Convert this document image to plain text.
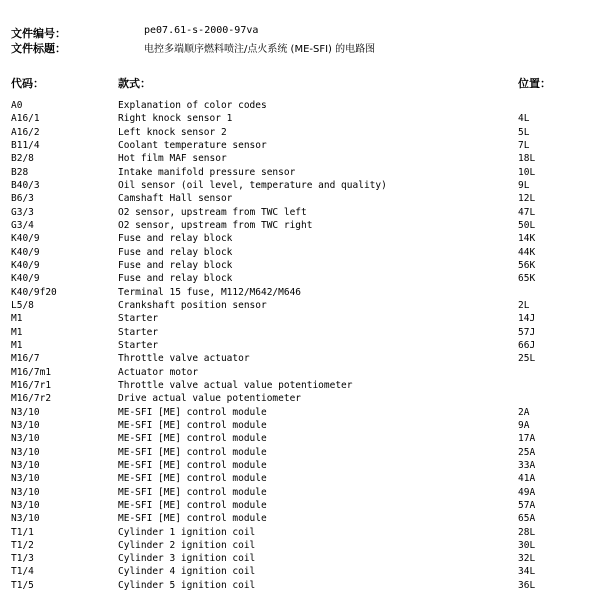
文件编号：	pe07.61-s-2000-97va
文件标题：	电控多端顺序燃料喷注/点火系统 (ME-SFI) 的电路图
代码：	款式：	位置：
A0	Explanation of color codes
A16/1	Right knock sensor 1	4L
A16/2	Left knock sensor 2	5L
B11/4	Coolant temperature sensor	7L
B2/8	Hot film MAF sensor	18L
B28	Intake manifold pressure sensor	10L
B40/3	Oil sensor (oil level, temperature and quality)	9L
B6/3	Camshaft Hall sensor	12L
G3/3	O2 sensor, upstream from TWC left	47L
G3/4	O2 sensor, upstream from TWC right	50L
K40/9	Fuse and relay block	14K
K40/9	Fuse and relay block	44K
K40/9	Fuse and relay block	56K
K40/9	Fuse and relay block	65K
K40/9f20	Terminal 15 fuse, M112/M642/M646
L5/8	Crankshaft position sensor	2L
M1	Starter	14J
M1	Starter	57J
M1	Starter	66J
M16/7	Throttle valve actuator	25L
M16/7m1	Actuator motor
M16/7r1	Throttle valve actual value potentiometer
M16/7r2	Drive actual value potentiometer
N3/10	ME-SFI [ME] control module	2A
N3/10	ME-SFI [ME] control module	9A
N3/10	ME-SFI [ME] control module	17A
N3/10	ME-SFI [ME] control module	25A
N3/10	ME-SFI [ME] control module	33A
N3/10	ME-SFI [ME] control module	41A
N3/10	ME-SFI [ME] control module	49A
N3/10	ME-SFI [ME] control module	57A
N3/10	ME-SFI [ME] control module	65A
T1/1	Cylinder 1 ignition coil	28L
T1/2	Cylinder 2 ignition coil	30L
T1/3	Cylinder 3 ignition coil	32L
T1/4	Cylinder 4 ignition coil	34L
T1/5	Cylinder 5 ignition coil	36L
